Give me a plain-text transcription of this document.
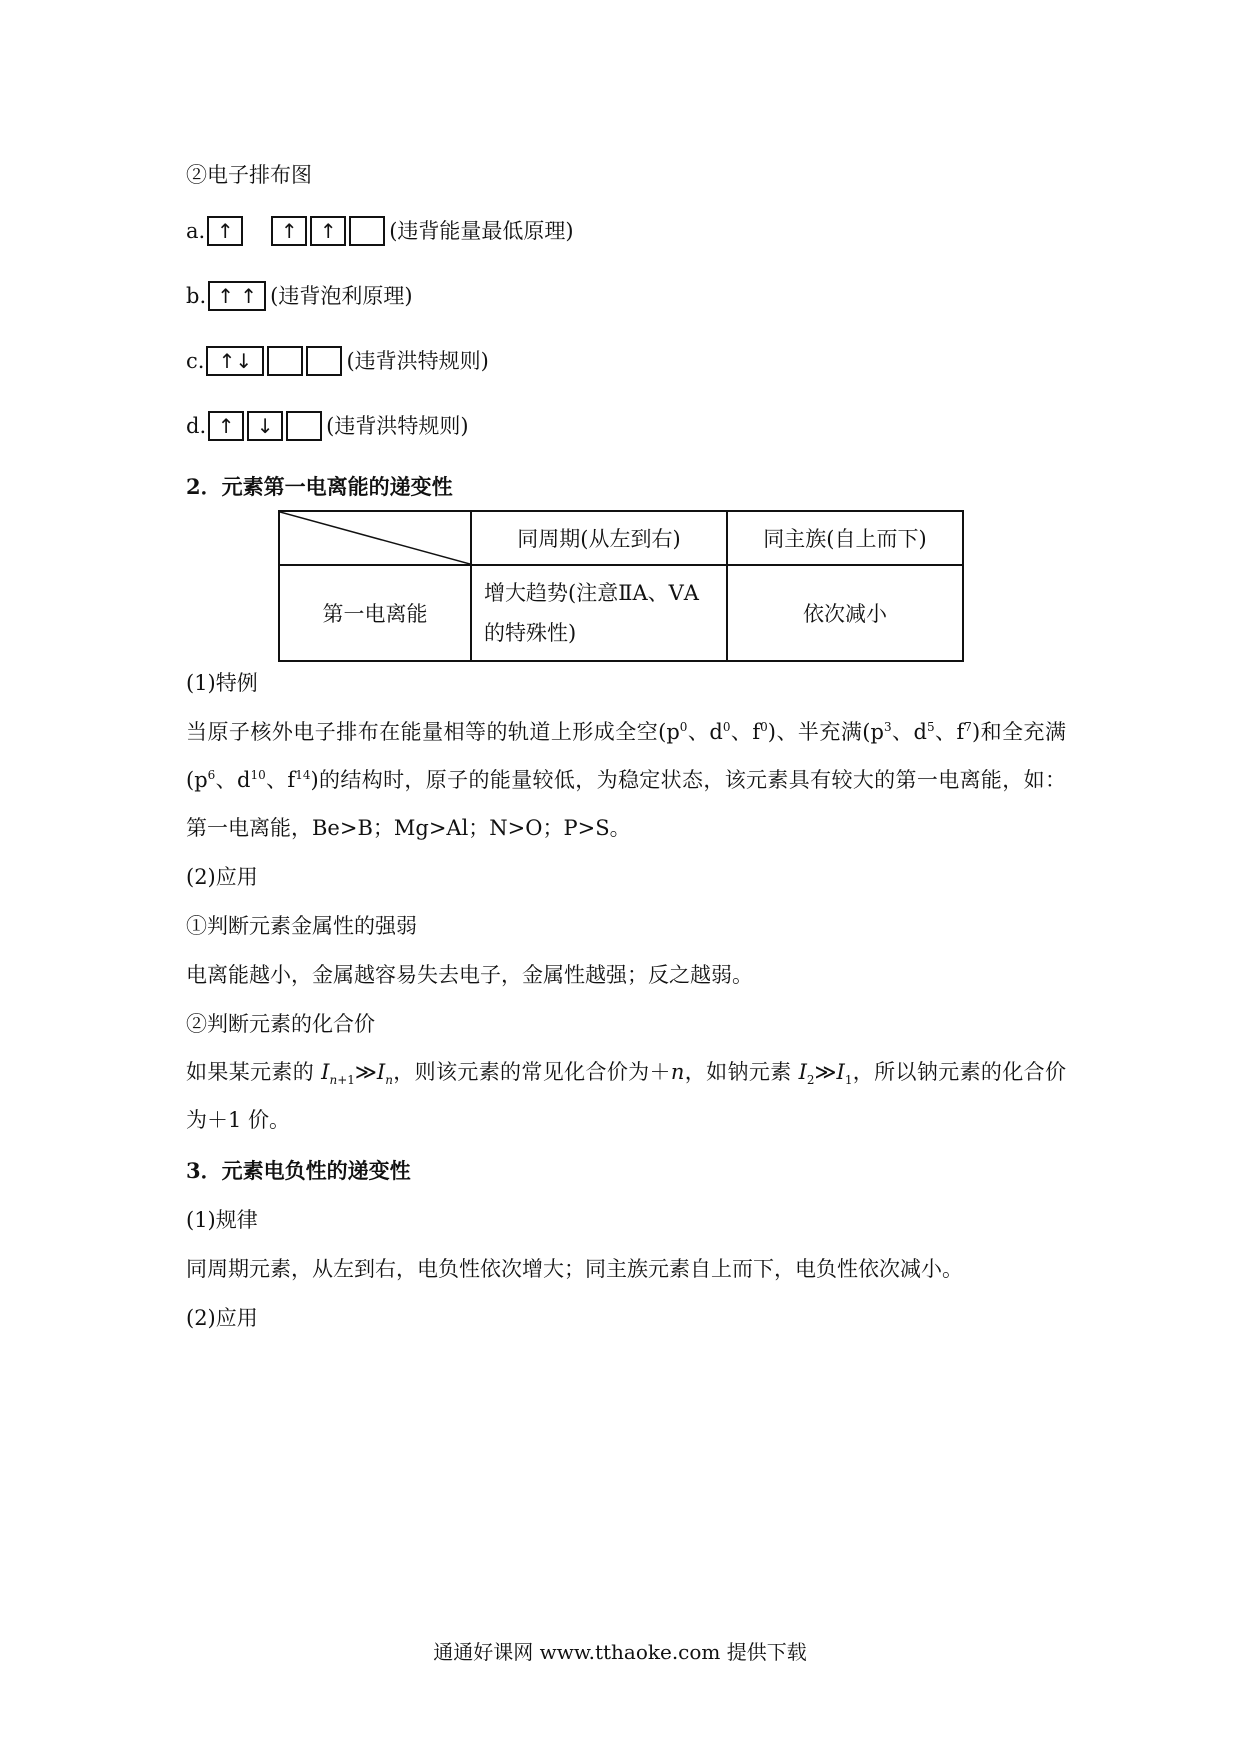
②电子排布图
a. ↑	↑	↑	(违背能量最低原理)
b. ↑ ↑ (违背泡利原理)
c. ↑↓	(违背洪特规则)
d. ↑	↓	(违背洪特规则)
2．元素第一电离能的递变性
	同周期(从左到右)	同主族(自上而下)
第一电离能	增大趋势(注意ⅡA、ⅤA的特殊性)	依次减小
(1)特例
当原子核外电子排布在能量相等的轨道上形成全空($p^0$、$d^0$、$f^0$)、半充满($p^3$、$d^5$、$f^7$)和全充满($p^6$、$d^{10}$、$f^{14}$)的结构时，原子的能量较低，为稳定状态，该元素具有较大的第一电离能，如：第一电离能，Be>B；Mg>Al；N>O；P>S。
(2)应用
①判断元素金属性的强弱
电离能越小，金属越容易失去电子，金属性越强；反之越弱。
②判断元素的化合价
如果某元素的 $I_{n+1}≫I_n$，则该元素的常见化合价为＋n，如钠元素 $I_2≫I_1$，所以钠元素的化合价为＋1 价。
3．元素电负性的递变性
(1)规律
同周期元素，从左到右，电负性依次增大；同主族元素自上而下，电负性依次减小。
(2)应用
通通好课网 www.tthaoke.com 提供下载
